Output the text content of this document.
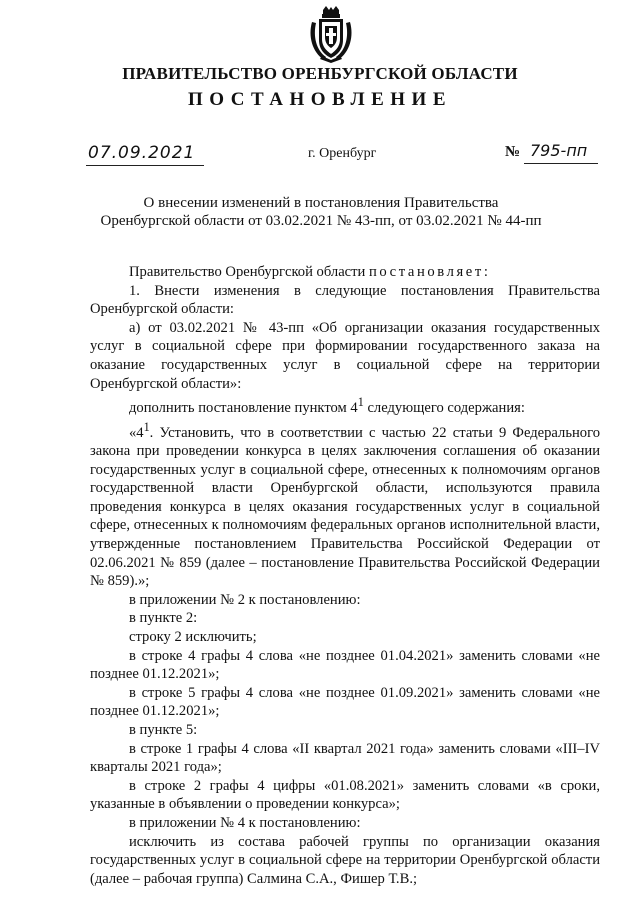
ПРАВИТЕЛЬСТВО ОРЕНБУРГСКОЙ ОБЛАСТИ
ПОСТАНОВЛЕНИЕ
07.09.2021	г. Оренбург	№ 795-пп
О внесении изменений в постановления Правительства
Оренбургской области от 03.02.2021 № 43-пп, от 03.02.2021 № 44-пп

Правительство Оренбургской области постановляет:

1. Внести изменения в следующие постановления Правительства Оренбургской области:

а) от 03.02.2021 № 43-пп «Об организации оказания государственных услуг в социальной сфере при формировании государственного заказа на оказание государственных услуг в социальной сфере на территории Оренбургской области»:

дополнить постановление пунктом $4^1$ следующего содержания:

«$4^1$. Установить, что в соответствии с частью 22 статьи 9 Федерального закона при проведении конкурса в целях заключения соглашения об оказании государственных услуг в социальной сфере, отнесенных к полномочиям органов государственной власти Оренбургской области, используются правила проведения конкурса в целях оказания государственных услуг в социальной сфере, отнесенных к полномочиям федеральных органов исполнительной власти, утвержденные постановлением Правительства Российской Федерации от 02.06.2021 № 859 (далее – постановление Правительства Российской Федерации № 859).»;

в приложении № 2 к постановлению:

в пункте 2:

строку 2 исключить;

в строке 4 графы 4 слова «не позднее 01.04.2021» заменить словами «не позднее 01.12.2021»;

в строке 5 графы 4 слова «не позднее 01.09.2021» заменить словами «не позднее 01.12.2021»;

в пункте 5:

в строке 1 графы 4 слова «II квартал 2021 года» заменить словами «III–IV кварталы 2021 года»;

в строке 2 графы 4 цифры «01.08.2021» заменить словами «в сроки, указанные в объявлении о проведении конкурса»;

в приложении № 4 к постановлению:

исключить из состава рабочей группы по организации оказания государственных услуг в социальной сфере на территории Оренбургской области (далее – рабочая группа) Салмина С.А., Фишер Т.В.;
